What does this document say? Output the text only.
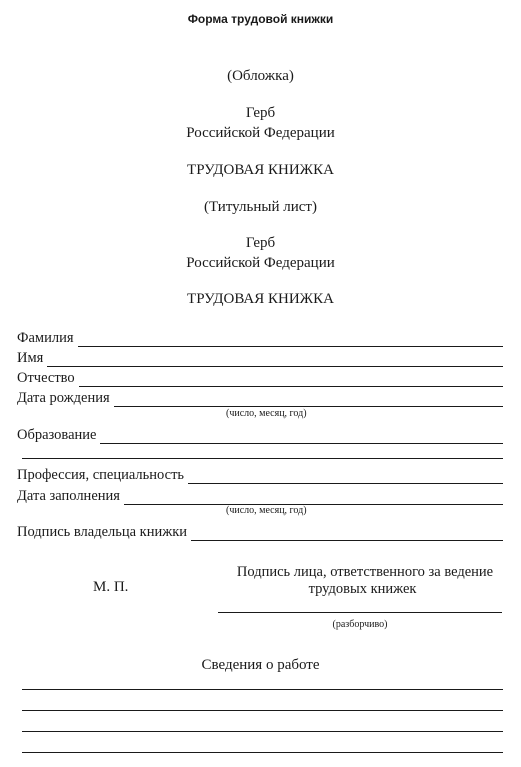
Форма трудовой книжки
(Обложка)
Герб
Российской Федерации
ТРУДОВАЯ КНИЖКА
(Титульный лист)
Герб
Российской Федерации
ТРУДОВАЯ КНИЖКА
Фамилия
Имя
Отчество
Дата рождения
(число, месяц, год)
Образование
Профессия, специальность
Дата заполнения
(число, месяц, год)
Подпись владельца книжки
М. П.
Подпись лица, ответственного за ведение
трудовых книжек
(разборчиво)
Сведения о работе
